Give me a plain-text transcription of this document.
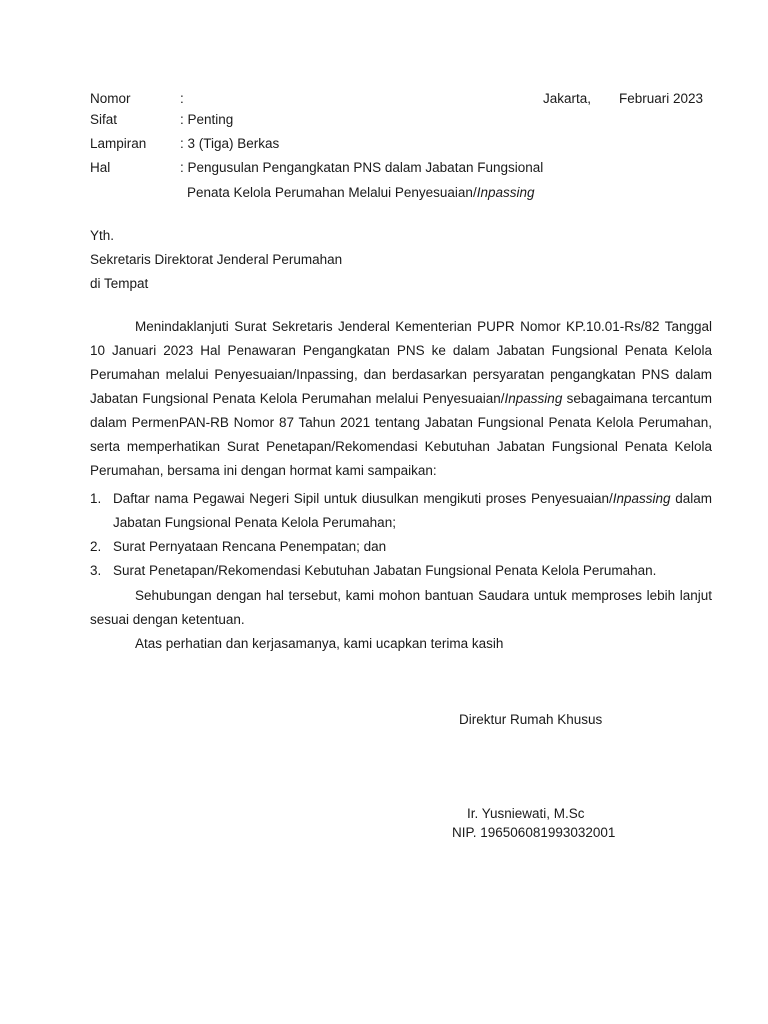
Nomor	:	Jakarta, Februari 2023
Sifat	: Penting
Lampiran : 3 (Tiga) Berkas
Hal	: Pengusulan Pengangkatan PNS dalam Jabatan Fungsional
Penata Kelola Perumahan Melalui Penyesuaian/Inpassing
Yth.
Sekretaris Direktorat Jenderal Perumahan
di Tempat

Menindaklanjuti Surat Sekretaris Jenderal Kementerian PUPR Nomor KP.10.01-Rs/82 Tanggal 10 Januari 2023 Hal Penawaran Pengangkatan PNS ke dalam Jabatan Fungsional Penata Kelola Perumahan melalui Penyesuaian/Inpassing, dan berdasarkan persyaratan pengangkatan PNS dalam Jabatan Fungsional Penata Kelola Perumahan melalui Penyesuaian/Inpassing sebagaimana tercantum dalam PermenPAN-RB Nomor 87 Tahun 2021 tentang Jabatan Fungsional Penata Kelola Perumahan, serta memperhatikan Surat Penetapan/Rekomendasi Kebutuhan Jabatan Fungsional Penata Kelola Perumahan, bersama ini dengan hormat kami sampaikan:

1. Daftar nama Pegawai Negeri Sipil untuk diusulkan mengikuti proses Penyesuaian/Inpassing dalam Jabatan Fungsional Penata Kelola Perumahan;
2. Surat Pernyataan Rencana Penempatan; dan
3. Surat Penetapan/Rekomendasi Kebutuhan Jabatan Fungsional Penata Kelola Perumahan.

Sehubungan dengan hal tersebut, kami mohon bantuan Saudara untuk memproses lebih lanjut sesuai dengan ketentuan.

Atas perhatian dan kerjasamanya, kami ucapkan terima kasih

Direktur Rumah Khusus
Ir. Yusniewati, M.Sc
NIP. 196506081993032001
